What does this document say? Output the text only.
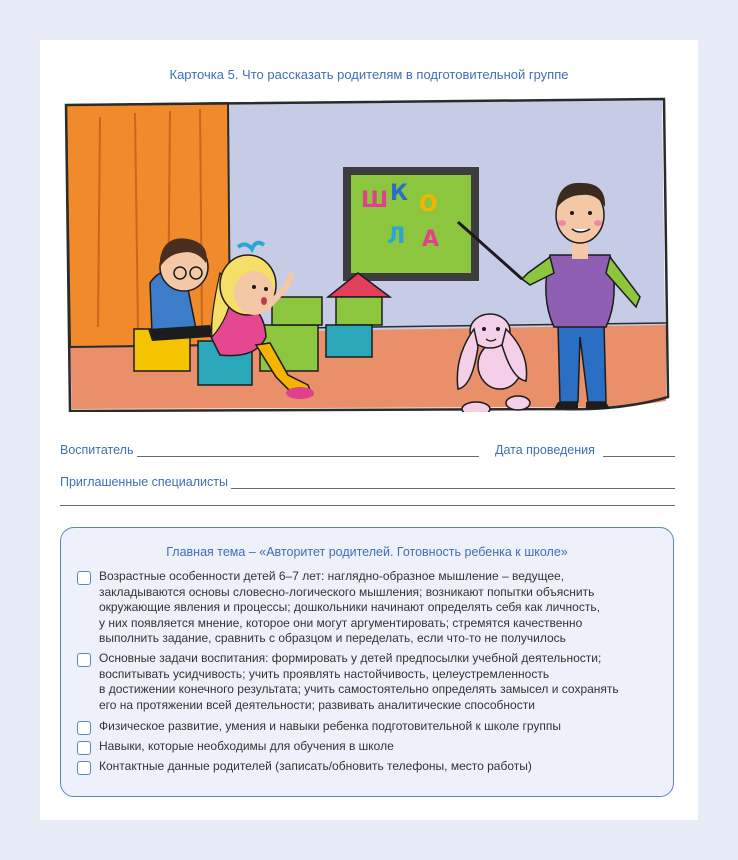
Карточка 5. Что рассказать родителям в подготовительной группе
Ш К О
Л А
Воспитатель	Дата проведения
Приглашенные специалисты
Главная тема – «Авторитет родителей. Готовность ребенка к школе»
Возрастные особенности детей 6–7 лет: наглядно-образное мышление – ведущее,
закладываются основы словесно-логического мышления; возникают попытки объяснить
окружающие явления и процессы; дошкольники начинают определять себя как личность,
у них появляется мнение, которое они могут аргументировать; стремятся качественно
выполнить задание, сравнить с образцом и переделать, если что-то не получилось
Основные задачи воспитания: формировать у детей предпосылки учебной деятельности;
воспитывать усидчивость; учить проявлять настойчивость, целеустремленность
в достижении конечного результата; учить самостоятельно определять замысел и сохранять
его на протяжении всей деятельности; развивать аналитические способности
Физическое развитие, умения и навыки ребенка подготовительной к школе группы
Навыки, которые необходимы для обучения в школе
Контактные данные родителей (записать/обновить телефоны, место работы)
